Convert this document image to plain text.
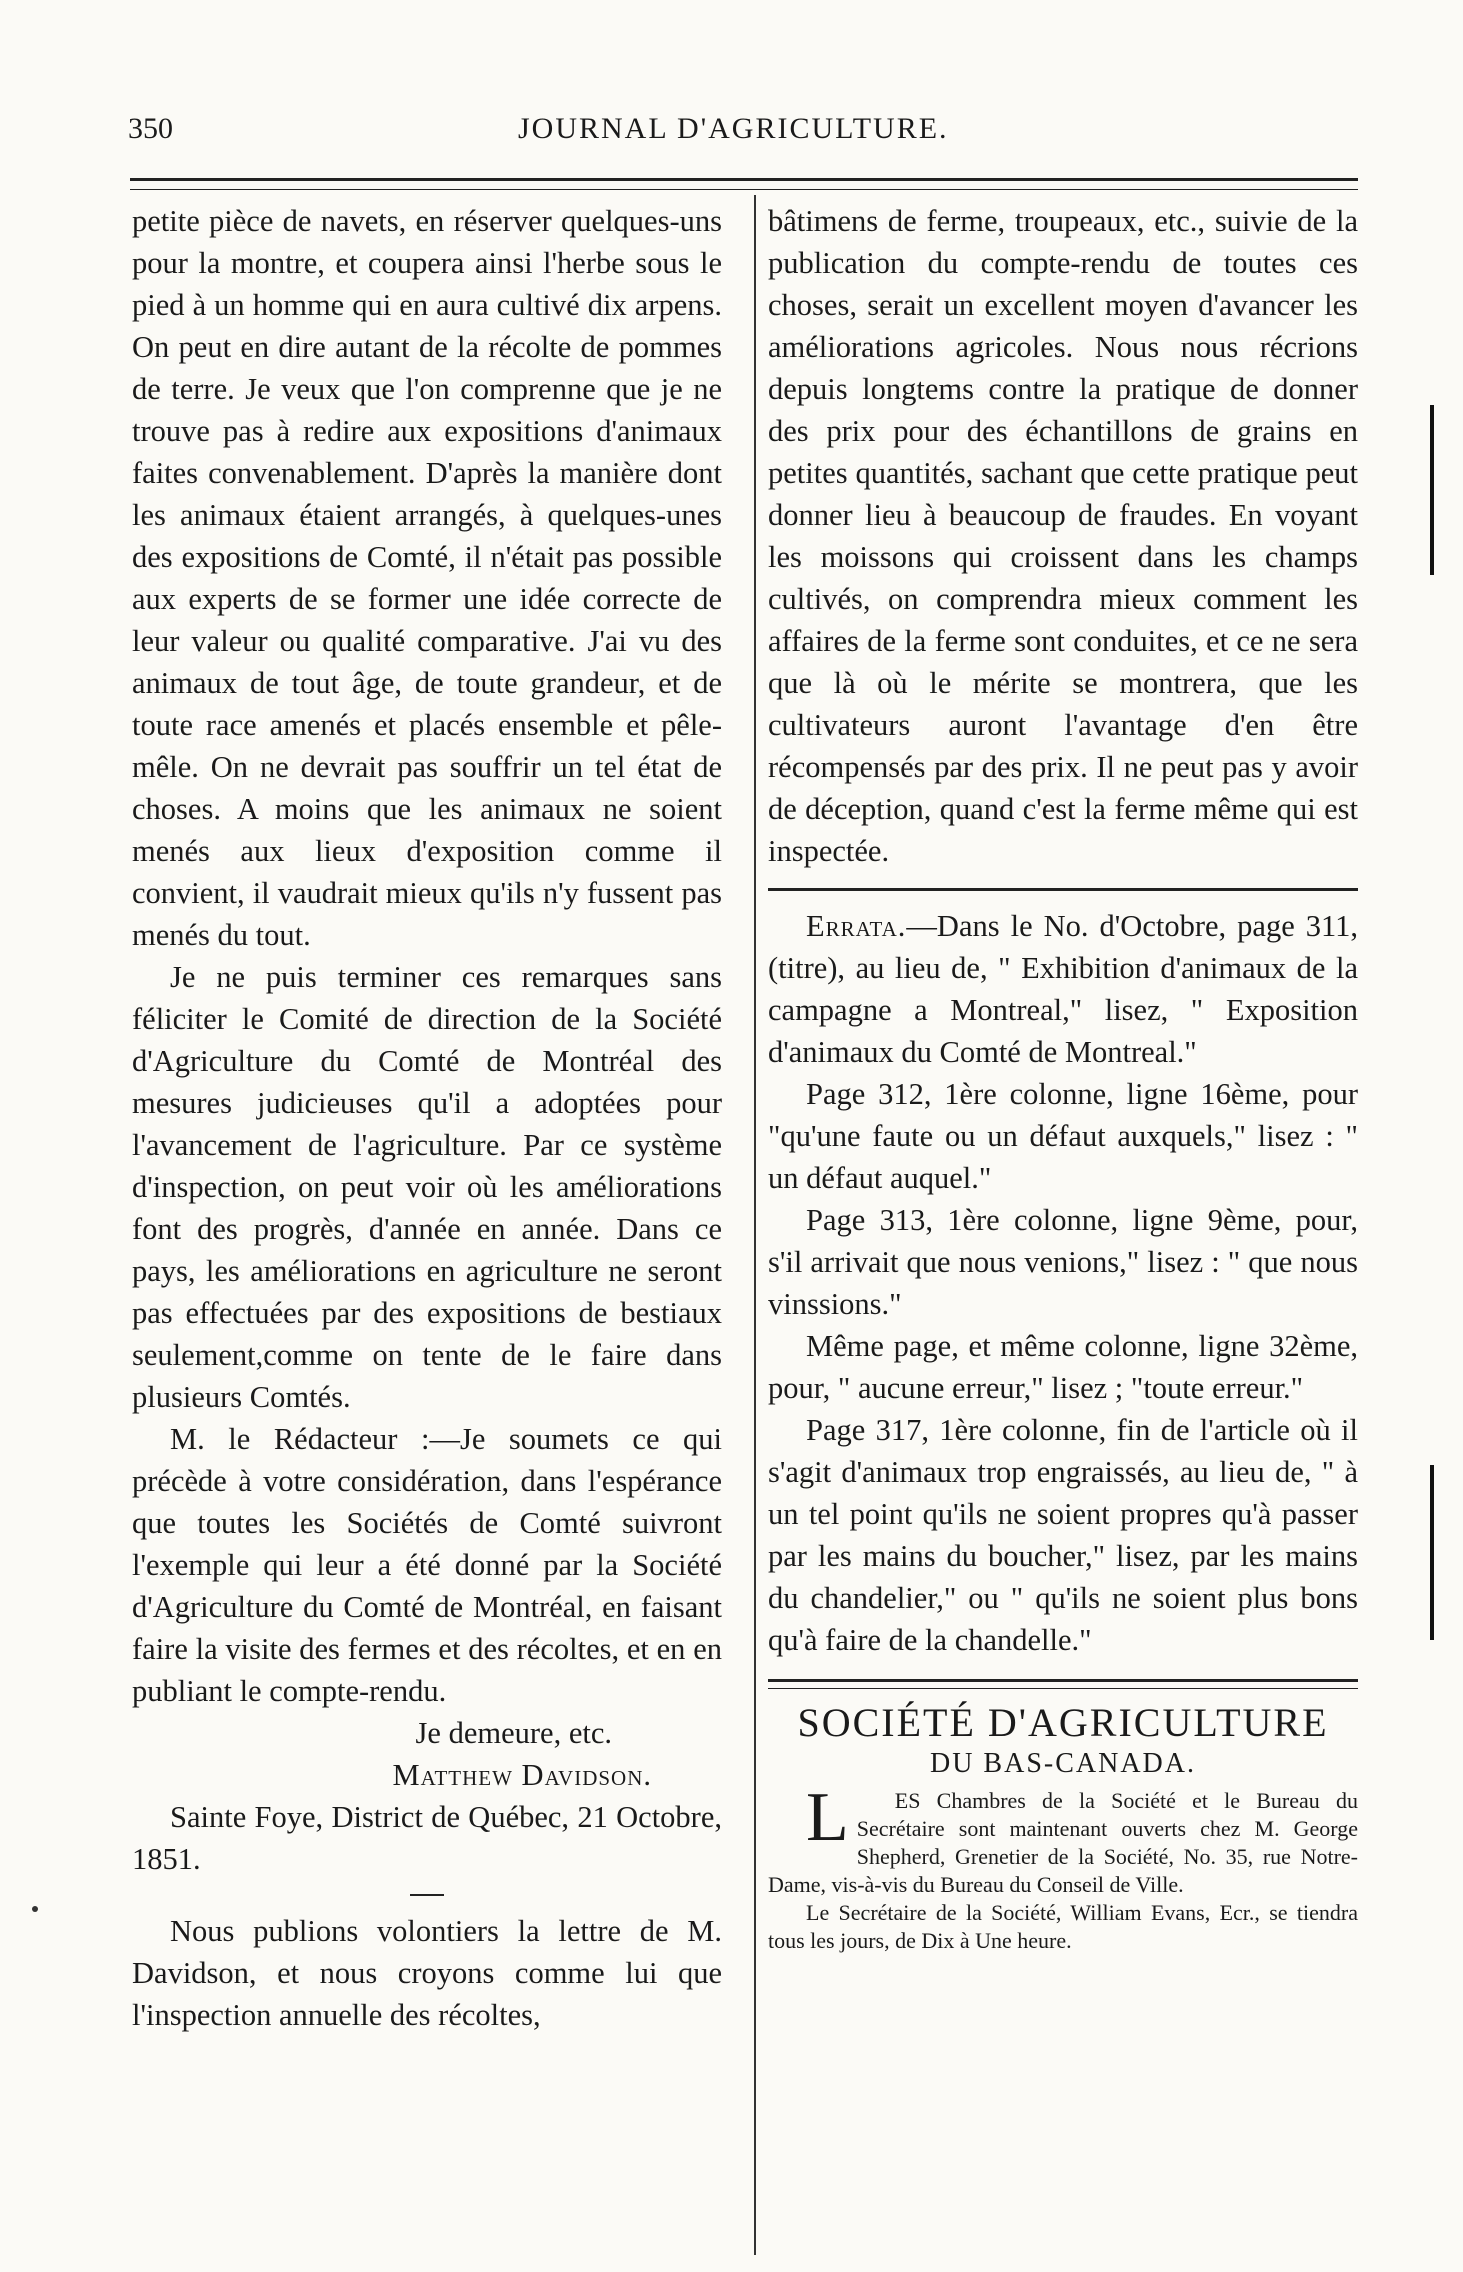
350	JOURNAL D'AGRICULTURE.

petite pièce de navets, en réserver quelques-uns pour la montre, et coupera ainsi l'herbe sous le pied à un homme qui en aura cultivé dix arpens. On peut en dire autant de la récolte de pommes de terre. Je veux que l'on comprenne que je ne trouve pas à redire aux expositions d'animaux faites convenablement. D'après la manière dont les animaux étaient arrangés, à quelques-unes des expositions de Comté, il n'était pas possible aux experts de se former une idée correcte de leur valeur ou qualité comparative. J'ai vu des animaux de tout âge, de toute grandeur, et de toute race amenés et placés ensemble et pêle-mêle. On ne devrait pas souffrir un tel état de choses. A moins que les animaux ne soient menés aux lieux d'exposition comme il convient, il vaudrait mieux qu'ils n'y fussent pas menés du tout.

Je ne puis terminer ces remarques sans féliciter le Comité de direction de la Société d'Agriculture du Comté de Montréal des mesures judicieuses qu'il a adoptées pour l'avancement de l'agriculture. Par ce système d'inspection, on peut voir où les améliorations font des progrès, d'année en année. Dans ce pays, les améliorations en agriculture ne seront pas effectuées par des expositions de bestiaux seulement,comme on tente de le faire dans plusieurs Comtés.

M. le Rédacteur :—Je soumets ce qui précède à votre considération, dans l'espérance que toutes les Sociétés de Comté suivront l'exemple qui leur a été donné par la Société d'Agriculture du Comté de Montréal, en faisant faire la visite des fermes et des récoltes, et en en publiant le compte-rendu.

Je demeure, etc.

Matthew Davidson.

Sainte Foye, District de Québec, 21 Octobre, 1851.

Nous publions volontiers la lettre de M. Davidson, et nous croyons comme lui que l'inspection annuelle des récoltes,

bâtimens de ferme, troupeaux, etc., suivie de la publication du compte-rendu de toutes ces choses, serait un excellent moyen d'avancer les améliorations agricoles. Nous nous récrions depuis longtems contre la pratique de donner des prix pour des échantillons de grains en petites quantités, sachant que cette pratique peut donner lieu à beaucoup de fraudes. En voyant les moissons qui croissent dans les champs cultivés, on comprendra mieux comment les affaires de la ferme sont conduites, et ce ne sera que là où le mérite se montrera, que les cultivateurs auront l'avantage d'en être récompensés par des prix. Il ne peut pas y avoir de déception, quand c'est la ferme même qui est inspectée.

Errata.—Dans le No. d'Octobre, page 311, (titre), au lieu de, " Exhibition d'animaux de la campagne a Montreal," lisez, " Exposition d'animaux du Comté de Montreal."

Page 312, 1ère colonne, ligne 16ème, pour "qu'une faute ou un défaut auxquels," lisez : " un défaut auquel."

Page 313, 1ère colonne, ligne 9ème, pour, s'il arrivait que nous venions," lisez : " que nous vinssions."

Même page, et même colonne, ligne 32ème, pour, " aucune erreur," lisez ; "toute erreur."

Page 317, 1ère colonne, fin de l'article où il s'agit d'animaux trop engraissés, au lieu de, " à un tel point qu'ils ne soient propres qu'à passer par les mains du boucher," lisez, par les mains du chandelier," ou " qu'ils ne soient plus bons qu'à faire de la chandelle."

SOCIÉTÉ D'AGRICULTURE
DU BAS-CANADA.

L ES Chambres de la Société et le Bureau du Secrétaire sont maintenant ouverts chez M. George Shepherd, Grenetier de la Société, No. 35, rue Notre-Dame, vis-à-vis du Bureau du Conseil de Ville.

Le Secrétaire de la Société, William Evans, Ecr., se tiendra tous les jours, de Dix à Une heure.
